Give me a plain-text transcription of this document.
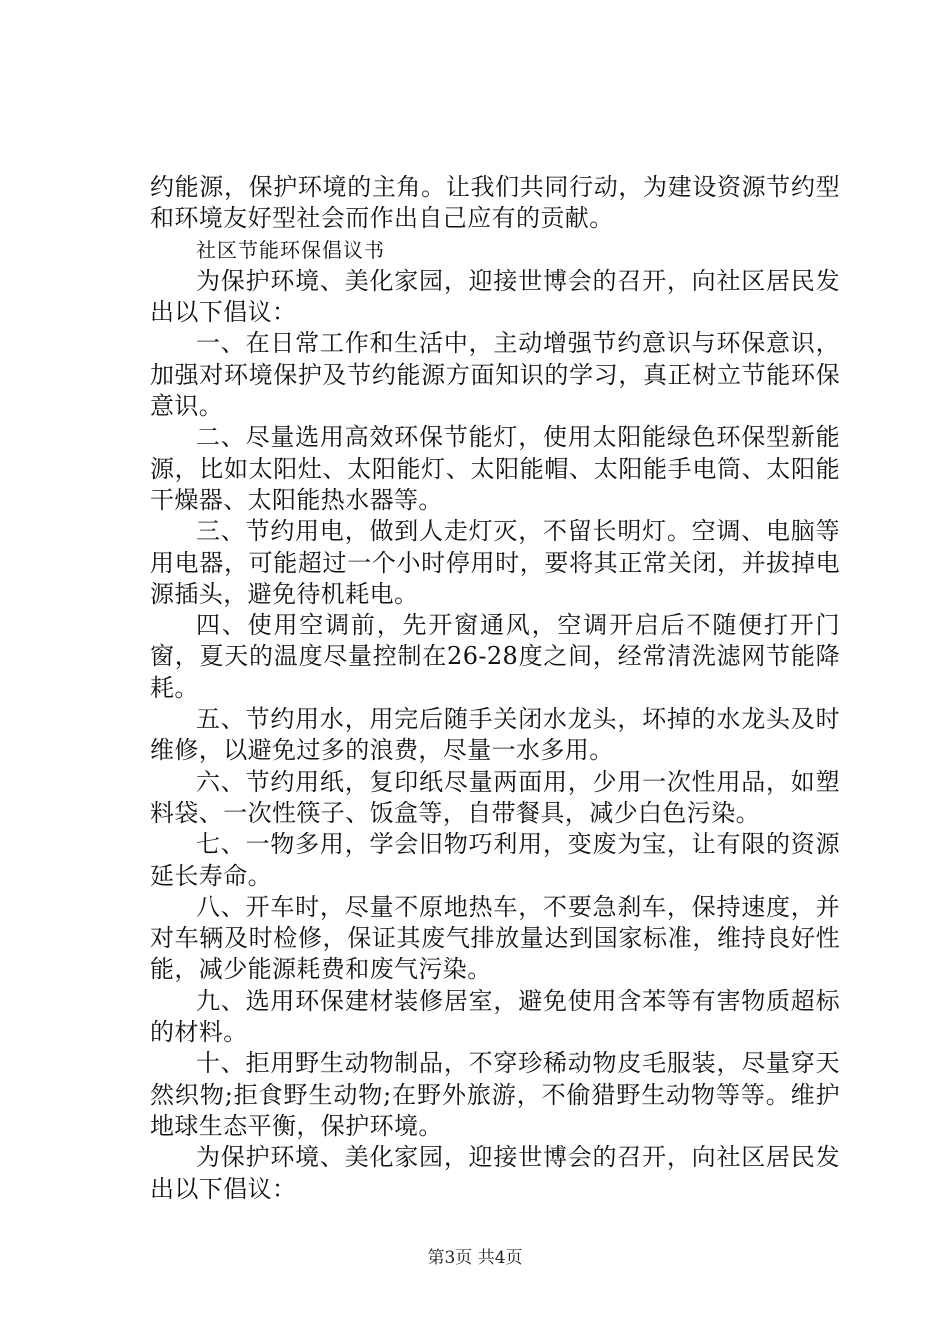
约能源，保护环境的主角。让我们共同行动，为建设资源节约型和环境友好型社会而作出自己应有的贡献。

社区节能环保倡议书

为保护环境、美化家园，迎接世博会的召开，向社区居民发出以下倡议：

一、在日常工作和生活中，主动增强节约意识与环保意识，加强对环境保护及节约能源方面知识的学习，真正树立节能环保意识。

二、尽量选用高效环保节能灯，使用太阳能绿色环保型新能源，比如太阳灶、太阳能灯、太阳能帽、太阳能手电筒、太阳能干燥器、太阳能热水器等。

三、节约用电，做到人走灯灭，不留长明灯。空调、电脑等用电器，可能超过一个小时停用时，要将其正常关闭，并拔掉电源插头，避免待机耗电。

四、使用空调前，先开窗通风，空调开启后不随便打开门窗，夏天的温度尽量控制在26-28度之间，经常清洗滤网节能降耗。

五、节约用水，用完后随手关闭水龙头，坏掉的水龙头及时维修，以避免过多的浪费，尽量一水多用。

六、节约用纸，复印纸尽量两面用，少用一次性用品，如塑料袋、一次性筷子、饭盒等，自带餐具，减少白色污染。

七、一物多用，学会旧物巧利用，变废为宝，让有限的资源延长寿命。

八、开车时，尽量不原地热车，不要急刹车，保持速度，并对车辆及时检修，保证其废气排放量达到国家标准，维持良好性能，减少能源耗费和废气污染。

九、选用环保建材装修居室，避免使用含苯等有害物质超标的材料。

十、拒用野生动物制品，不穿珍稀动物皮毛服装，尽量穿天然织物;拒食野生动物;在野外旅游，不偷猎野生动物等等。维护地球生态平衡，保护环境。

为保护环境、美化家园，迎接世博会的召开，向社区居民发出以下倡议：

第3页 共4页
